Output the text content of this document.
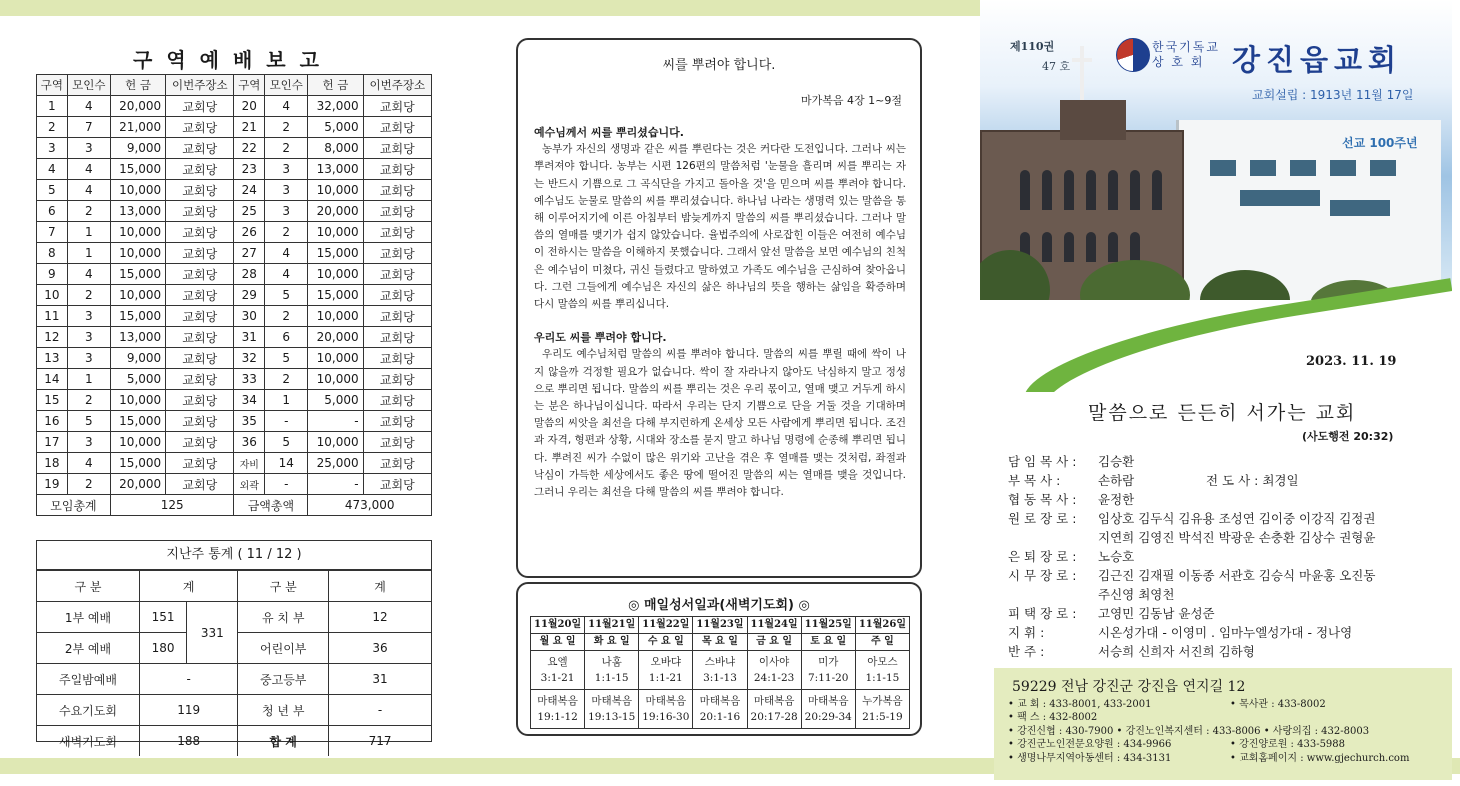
구역예배보고
구역	모인수	헌 금	이번주장소	구역	모인수	헌 금	이번주장소
1	4	20,000	교회당	20	4	32,000	교회당
2	7	21,000	교회당	21	2	5,000	교회당
3	3	9,000	교회당	22	2	8,000	교회당
4	4	15,000	교회당	23	3	13,000	교회당
5	4	10,000	교회당	24	3	10,000	교회당
6	2	13,000	교회당	25	3	20,000	교회당
7	1	10,000	교회당	26	2	10,000	교회당
8	1	10,000	교회당	27	4	15,000	교회당
9	4	15,000	교회당	28	4	10,000	교회당
10	2	10,000	교회당	29	5	15,000	교회당
11	3	15,000	교회당	30	2	10,000	교회당
12	3	13,000	교회당	31	6	20,000	교회당
13	3	9,000	교회당	32	5	10,000	교회당
14	1	5,000	교회당	33	2	10,000	교회당
15	2	10,000	교회당	34	1	5,000	교회당
16	5	15,000	교회당	35	-	-	교회당
17	3	10,000	교회당	36	5	10,000	교회당
18	4	15,000	교회당	자비	14	25,000	교회당
19	2	20,000	교회당	외곽	-	-	교회당
모임총계		125		금액총액		473,000	
지난주 통계 ( 11 / 12 )
구 분	계		구 분	계
1부 예배	151	331	유 치 부	12
2부 예배	180		어린이부	36
주일밤예배	-		중고등부	31
수요기도회	119		청 년 부	-
새벽기도회	188		합 계	717
씨를 뿌려야 합니다.
마가복음 4장 1~9절
예수님께서 씨를 뿌리셨습니다.

농부가 자신의 생명과 같은 씨를 뿌린다는 것은 커다란 도전입니다. 그러나 씨는 뿌려져야 합니다. 농부는 시편 126편의 말씀처럼 '눈물을 흘리며 씨를 뿌리는 자는 반드시 기쁨으로 그 곡식단을 가지고 돌아올 것'을 믿으며 씨를 뿌려야 합니다. 예수님도 눈물로 말씀의 씨를 뿌리셨습니다. 하나님 나라는 생명력 있는 말씀을 통해 이루어지기에 이른 아침부터 밤늦게까지 말씀의 씨를 뿌리셨습니다. 그러나 말씀의 열매를 맺기가 쉽지 않았습니다. 율법주의에 사로잡힌 이들은 여전히 예수님이 전하시는 말씀을 이해하지 못했습니다. 그래서 앞선 말씀을 보면 예수님의 친척은 예수님이 미쳤다, 귀신 들렸다고 말하였고 가족도 예수님을 근심하여 찾아옵니다. 그런 그들에게 예수님은 자신의 삶은 하나님의 뜻을 행하는 삶임을 확증하며 다시 말씀의 씨를 뿌리십니다.

우리도 씨를 뿌려야 합니다.

우리도 예수님처럼 말씀의 씨를 뿌려야 합니다. 말씀의 씨를 뿌릴 때에 싹이 나지 않을까 걱정할 필요가 없습니다. 싹이 잘 자라나지 않아도 낙심하지 말고 정성으로 뿌리면 됩니다. 말씀의 씨를 뿌리는 것은 우리 몫이고, 열매 맺고 거두게 하시는 분은 하나님이십니다. 따라서 우리는 단지 기쁨으로 단을 거둘 것을 기대하며 말씀의 씨앗을 최선을 다해 부지런하게 온세상 모든 사람에게 뿌리면 됩니다. 조건과 자격, 형편과 상황, 시대와 장소를 묻지 말고 하나님 명령에 순종해 뿌리면 됩니다. 뿌려진 씨가 수없이 많은 위기와 고난을 겪은 후 열매를 맺는 것처럼, 좌절과 낙심이 가득한 세상에서도 좋은 땅에 떨어진 말씀의 씨는 열매를 맺을 것입니다. 그러니 우리는 최선을 다해 말씀의 씨를 뿌려야 합니다.

◎ 매일성서일과(새벽기도회) ◎
11월20일	11월21일	11월22일	11월23일	11월24일	11월25일	11월26일
월 요 일	화 요 일	수 요 일	목 요 일	금 요 일	토 요 일	주 일
요엘	나훔	오바댜	스바냐	이사야	미가	아모스
3:1-21	1:1-15	1:1-21	3:1-13	24:1-23	7:11-20	1:1-15
마태복음	마태복음	마태복음	마태복음	마태복음	마태복음	누가복음
19:1-12	19:13-15	19:16-30	20:1-16	20:17-28	20:29-34	21:5-19
선교 100주년
제110권
47 호
한국기독교 상 호 회 강진읍교회
교회설립 : 1913년 11월 17일
2023. 11. 19
말씀으로 든든히 서가는 교회
(사도행전 20:32)
담 임 목 사 :	김승환
부 목 사 :	손하람	전 도 사 : 최경일
협 동 목 사 :	윤정한
원 로 장 로 :	임상호 김두식 김유용 조성연 김이중 이강직 김정권
지연희 김영진 박석진 박광운 손충환 김상수 권형윤
은 퇴 장 로 :	노승호
시 무 장 로 :	김근진 김재필 이동종 서관호 김승식 마윤홍 오진동
주신영 최영천
피 택 장 로 :	고영민 김동남 윤성준
지 휘 :	시온성가대 - 이영미 . 임마누엘성가대 - 정나영
반 주 :	서승희 신희자 서진희 김하형
59229 전남 강진군 강진읍 연지길 12
• 교 회 : 433-8001, 433-2001	• 목사관 : 433-8002
• 팩 스 : 432-8002
• 강진신협 : 430-7900 • 강진노인복지센터 : 433-8006 • 사랑의집 : 432-8003
• 강진군노인전문요양원 : 434-9966	• 강진양로원 : 433-5988
• 생명나무지역아동센터 : 434-3131	• 교회홈페이지 : www.gjechurch.com
